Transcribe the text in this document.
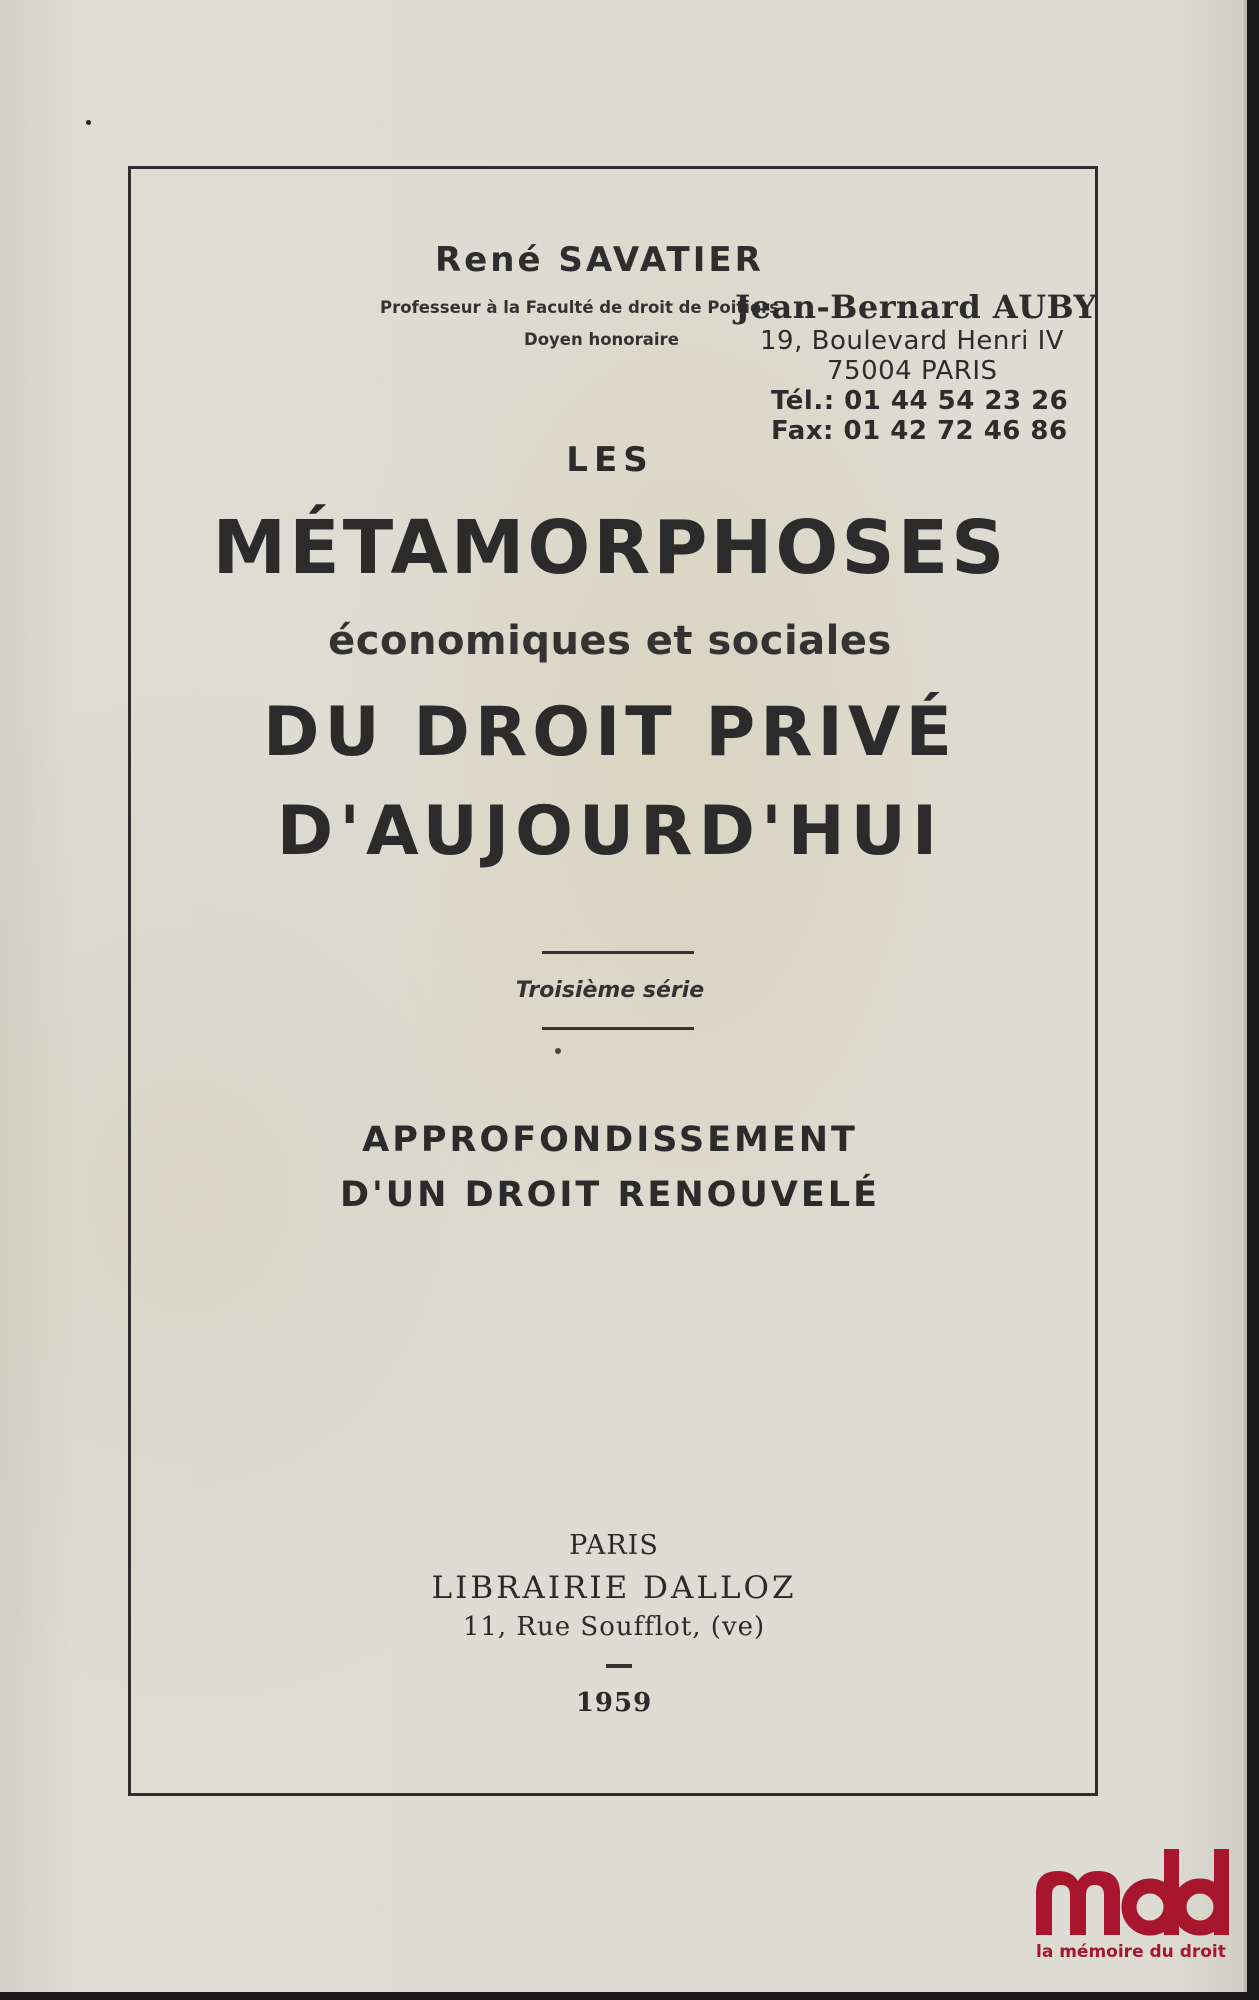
René SAVATIER
Professeur à la Faculté de droit de Poitiers
Doyen honoraire
Jean-Bernard AUBY
19, Boulevard Henri IV
75004 PARIS
Tél.: 01 44 54 23 26
Fax: 01 42 72 46 86
LES
MÉTAMORPHOSES
économiques et sociales
DU DROIT PRIVÉ
D'AUJOURD'HUI
Troisième série
APPROFONDISSEMENT
D'UN DROIT RENOUVELÉ
PARIS
LIBRAIRIE DALLOZ
11, Rue Soufflot, (ve)
1959
la mémoire du droit
